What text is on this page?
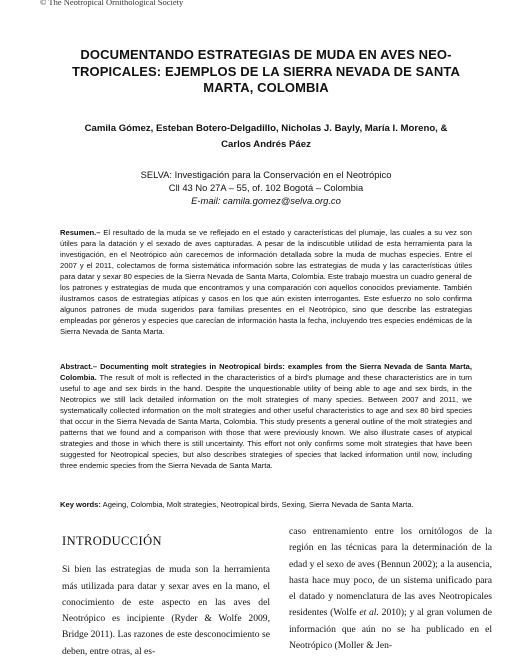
© The Neotropical Ornithological Society
DOCUMENTANDO ESTRATEGIAS DE MUDA EN AVES NEO-TROPICALES: EJEMPLOS DE LA SIERRA NEVADA DE SANTA MARTA, COLOMBIA
Camila Gómez, Esteban Botero-Delgadillo, Nicholas J. Bayly, María I. Moreno, & Carlos Andrés Páez
SELVA: Investigación para la Conservación en el Neotrópico
Cll 43 No 27A – 55, of. 102 Bogotá – Colombia
E-mail: camila.gomez@selva.org.co
Resumen.– El resultado de la muda se ve reflejado en el estado y características del plumaje, las cuales a su vez son útiles para la datación y el sexado de aves capturadas. A pesar de la indiscutible utilidad de esta herramienta para la investigación, en el Neotrópico aún carecemos de información detallada sobre la muda de muchas especies. Entre el 2007 y el 2011, colectamos de forma sistemática información sobre las estrategias de muda y las características útiles para datar y sexar 80 especies de la Sierra Nevada de Santa Marta, Colombia. Este trabajo muestra un cuadro general de los patrones y estrategias de muda que encontramos y una comparación con aquellos conocidos previamente. También ilustramos casos de estrategias atípicas y casos en los que aún existen interrogantes. Este esfuerzo no solo confirma algunos patrones de muda sugeridos para familias presentes en el Neotrópico, sino que describe las estrategias empleadas por géneros y especies que carecían de información hasta la fecha, incluyendo tres especies endémicas de la Sierra Nevada de Santa Marta.
Abstract.– Documenting molt strategies in Neotropical birds: examples from the Sierra Nevada de Santa Marta, Colombia. The result of molt is reflected in the characteristics of a bird's plumage and these characteristics are in turn useful to age and sex birds in the hand. Despite the unquestionable utility of being able to age and sex birds, in the Neotropics we still lack detailed information on the molt strategies of many species. Between 2007 and 2011, we systematically collected information on the molt strategies and other useful characteristics to age and sex 80 bird species that occur in the Sierra Nevada de Santa Marta, Colombia. This study presents a general outline of the molt strategies and patterns that we found and a comparison with those that were previously known. We also illustrate cases of atypical strategies and those in which there is still uncertainty. This effort not only confirms some molt strategies that have been suggested for Neotropical species, but also describes strategies of species that lacked information until now, including three endemic species from the Sierra Nevada de Santa Marta.
Key words: Ageing, Colombia, Molt strategies, Neotropical birds, Sexing, Sierra Nevada de Santa Marta.
INTRODUCCIÓN
Si bien las estrategias de muda son la herramienta más utilizada para datar y sexar aves en la mano, el conocimiento de este aspecto en las aves del Neotrópico es incipiente (Ryder & Wolfe 2009, Bridge 2011). Las razones de este desconocimiento se deben, entre otras, al es-
caso entrenamiento entre los ornitólogos de la región en las técnicas para la determinación de la edad y el sexo de aves (Bennun 2002); a la ausencia, hasta hace muy poco, de un sistema unificado para el datado y nomenclatura de las aves Neotropicales residentes (Wolfe et al. 2010); y al gran volumen de información que aún no se ha publicado en el Neotrópico (Moller & Jen-
